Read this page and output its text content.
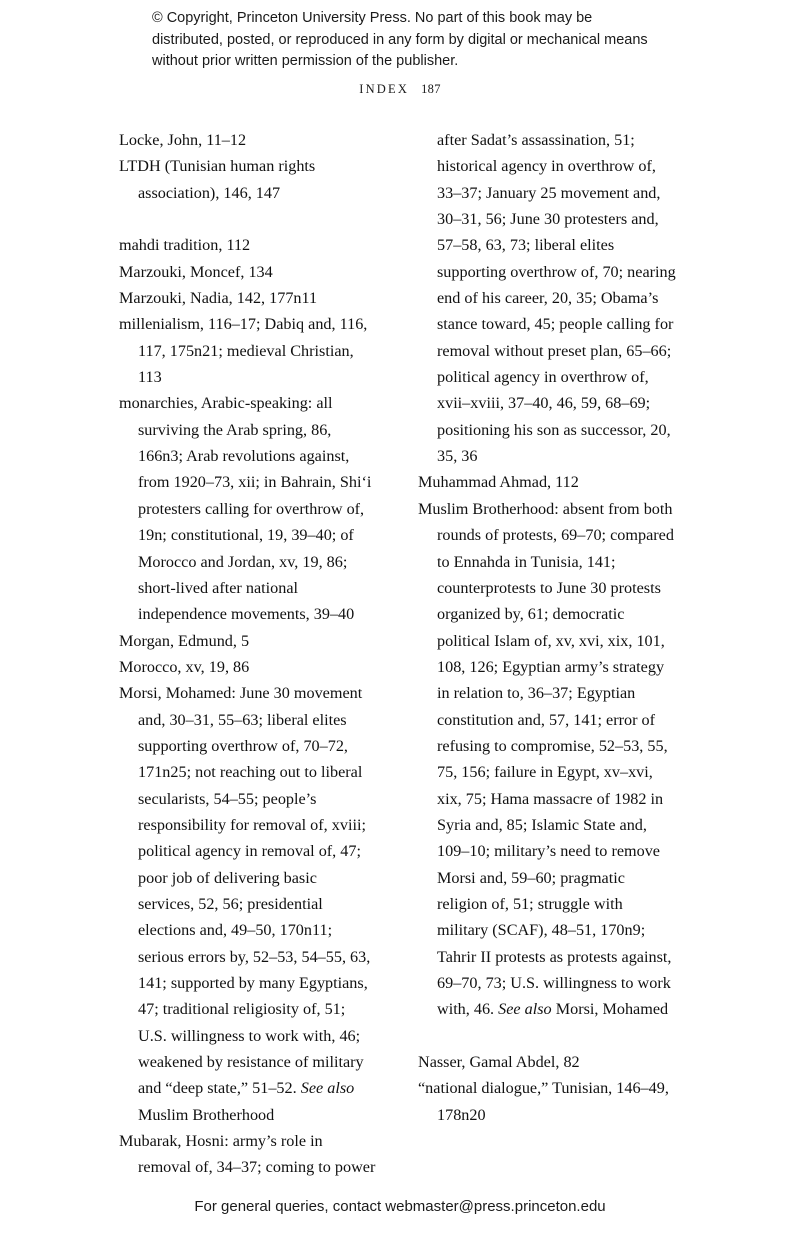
© Copyright, Princeton University Press. No part of this book may be distributed, posted, or reproduced in any form by digital or mechanical means without prior written permission of the publisher.
INDEX 187

Locke, John, 11–12

LTDH (Tunisian human rights association), 146, 147

mahdi tradition, 112

Marzouki, Moncef, 134

Marzouki, Nadia, 142, 177n11

millenialism, 116–17; Dabiq and, 116, 117, 175n21; medieval Christian, 113

monarchies, Arabic-speaking: all surviving the Arab spring, 86, 166n3; Arab revolutions against, from 1920–73, xii; in Bahrain, Shi‘i protesters calling for overthrow of, 19n; constitutional, 19, 39–40; of Morocco and Jordan, xv, 19, 86; short-lived after national independence movements, 39–40

Morgan, Edmund, 5

Morocco, xv, 19, 86

Morsi, Mohamed: June 30 movement and, 30–31, 55–63; liberal elites supporting overthrow of, 70–72, 171n25; not reaching out to liberal secularists, 54–55; people’s responsibility for removal of, xviii; political agency in removal of, 47; poor job of delivering basic services, 52, 56; presidential elections and, 49–50, 170n11; serious errors by, 52–53, 54–55, 63, 141; supported by many Egyptians, 47; traditional religiosity of, 51; U.S. willingness to work with, 46; weakened by resistance of military and “deep state,” 51–52. See also Muslim Brotherhood

Mubarak, Hosni: army’s role in removal of, 34–37; coming to power

after Sadat’s assassination, 51; historical agency in overthrow of, 33–37; January 25 movement and, 30–31, 56; June 30 protesters and, 57–58, 63, 73; liberal elites supporting overthrow of, 70; nearing end of his career, 20, 35; Obama’s stance toward, 45; people calling for removal without preset plan, 65–66; political agency in overthrow of, xvii–xviii, 37–40, 46, 59, 68–69; positioning his son as successor, 20, 35, 36

Muhammad Ahmad, 112

Muslim Brotherhood: absent from both rounds of protests, 69–70; compared to Ennahda in Tunisia, 141; counterprotests to June 30 protests organized by, 61; democratic political Islam of, xv, xvi, xix, 101, 108, 126; Egyptian army’s strategy in relation to, 36–37; Egyptian constitution and, 57, 141; error of refusing to compromise, 52–53, 55, 75, 156; failure in Egypt, xv–xvi, xix, 75; Hama massacre of 1982 in Syria and, 85; Islamic State and, 109–10; military’s need to remove Morsi and, 59–60; pragmatic religion of, 51; struggle with military (SCAF), 48–51, 170n9; Tahrir II protests as protests against, 69–70, 73; U.S. willingness to work with, 46. See also Morsi, Mohamed

Nasser, Gamal Abdel, 82

“national dialogue,” Tunisian, 146–49, 178n20

For general queries, contact webmaster@press.princeton.edu
